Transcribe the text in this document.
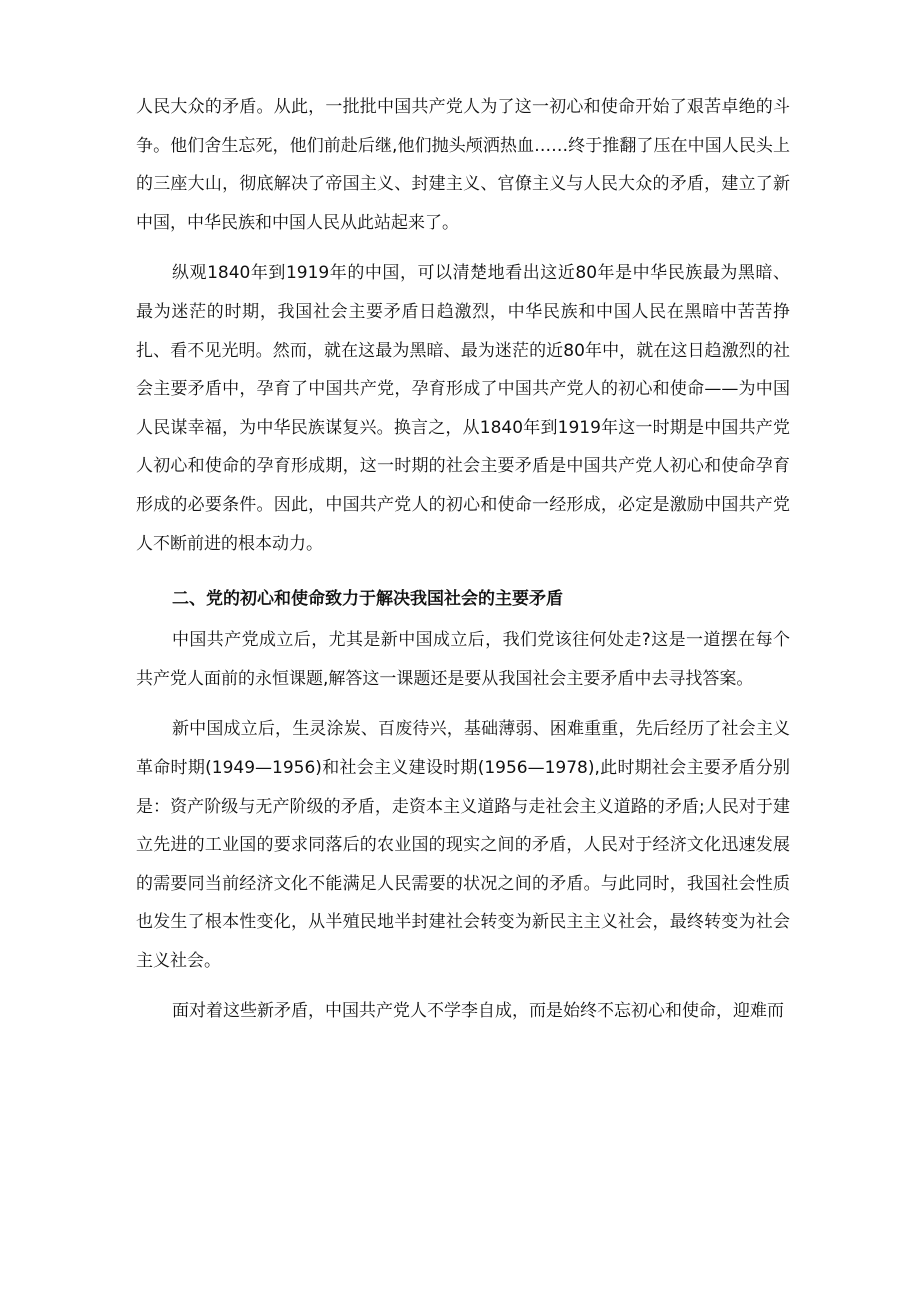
人民大众的矛盾。从此，一批批中国共产党人为了这一初心和使命开始了艰苦卓绝的斗争。他们舍生忘死，他们前赴后继,他们抛头颅洒热血……终于推翻了压在中国人民头上的三座大山，彻底解决了帝国主义、封建主义、官僚主义与人民大众的矛盾，建立了新中国，中华民族和中国人民从此站起来了。

纵观1840年到1919年的中国，可以清楚地看出这近80年是中华民族最为黑暗、最为迷茫的时期，我国社会主要矛盾日趋激烈，中华民族和中国人民在黑暗中苦苦挣扎、看不见光明。然而，就在这最为黑暗、最为迷茫的近80年中，就在这日趋激烈的社会主要矛盾中，孕育了中国共产党，孕育形成了中国共产党人的初心和使命——为中国人民谋幸福，为中华民族谋复兴。换言之，从1840年到1919年这一时期是中国共产党人初心和使命的孕育形成期，这一时期的社会主要矛盾是中国共产党人初心和使命孕育形成的必要条件。因此，中国共产党人的初心和使命一经形成，必定是激励中国共产党人不断前进的根本动力。

二、党的初心和使命致力于解决我国社会的主要矛盾

中国共产党成立后，尤其是新中国成立后，我们党该往何处走?这是一道摆在每个共产党人面前的永恒课题,解答这一课题还是要从我国社会主要矛盾中去寻找答案。

新中国成立后，生灵涂炭、百废待兴，基础薄弱、困难重重，先后经历了社会主义革命时期(1949—1956)和社会主义建设时期(1956—1978),此时期社会主要矛盾分别是：资产阶级与无产阶级的矛盾，走资本主义道路与走社会主义道路的矛盾;人民对于建立先进的工业国的要求同落后的农业国的现实之间的矛盾，人民对于经济文化迅速发展的需要同当前经济文化不能满足人民需要的状况之间的矛盾。与此同时，我国社会性质也发生了根本性变化，从半殖民地半封建社会转变为新民主主义社会，最终转变为社会主义社会。

面对着这些新矛盾，中国共产党人不学李自成，而是始终不忘初心和使命，迎难而
